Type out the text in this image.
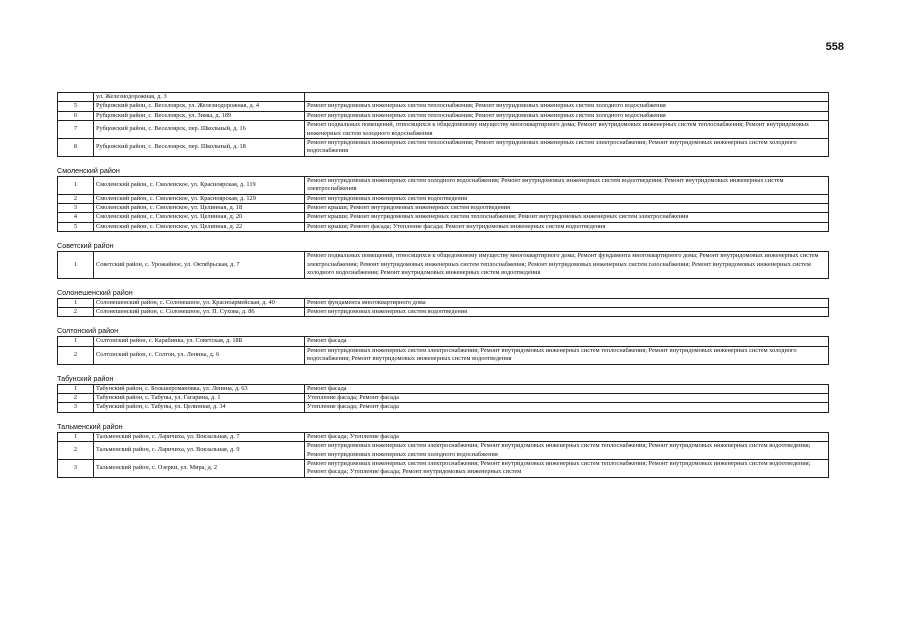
558
	ул. Железнодорожная, д. 3	
5	Рубцовский район, с. Веселоярск, ул. Железнодорожная, д. 4	Ремонт внутридомовых инженерных систем теплоснабжения; Ремонт внутридомовых инженерных систем холодного водоснабжения
6	Рубцовский район, с. Веселоярск, ул. Зимы, д. 189	Ремонт внутридомовых инженерных систем теплоснабжения; Ремонт внутридомовых инженерных систем холодного водоснабжения
7	Рубцовский район, с. Веселоярск, пер. Школьный, д. 16	Ремонт подвальных помещений, относящихся к общедомовому имуществу многоквартирного дома; Ремонт внутридомовых инженерных систем теплоснабжения; Ремонт внутридомовых инженерных систем холодного водоснабжения
8	Рубцовский район, с. Веселоярск, пер. Школьный, д. 18	Ремонт внутридомовых инженерных систем теплоснабжения; Ремонт внутридомовых инженерных систем электроснабжения; Ремонт внутридомовых инженерных систем холодного водоснабжения
Смоленский район
1	Смоленский район, с. Смоленское, ул. Красноярская, д. 119	Ремонт внутридомовых инженерных систем холодного водоснабжения; Ремонт внутридомовых инженерных систем водоотведения; Ремонт внутридомовых инженерных систем электроснабжения
2	Смоленский район, с. Смоленское, ул. Красноярская, д. 129	Ремонт внутридомовых инженерных систем водоотведения
3	Смоленский район, с. Смоленское, ул. Целинная, д. 18	Ремонт крыши; Ремонт внутридомовых инженерных систем водоотведения
4	Смоленский район, с. Смоленское, ул. Целинная, д. 20	Ремонт крыши; Ремонт внутридомовых инженерных систем теплоснабжения; Ремонт внутридомовых инженерных систем электроснабжения
5	Смоленский район, с. Смоленское, ул. Целинная, д. 22	Ремонт крыши; Ремонт фасада; Утепление фасада; Ремонт внутридомовых инженерных систем водоотведения
Советский район
1	Советский район, с. Урожайное, ул. Октябрьская, д. 7	Ремонт подвальных помещений, относящихся к общедомовому имуществу многоквартирного дома; Ремонт фундамента многоквартирного дома; Ремонт внутридомовых инженерных систем электроснабжения; Ремонт внутридомовых инженерных систем теплоснабжения; Ремонт внутридомовых инженерных систем газоснабжения; Ремонт внутридомовых инженерных систем холодного водоснабжения; Ремонт внутридомовых инженерных систем водоотведения
Солонешенский район
1	Солонешенский район, с. Солонешное, ул. Красноармейская, д. 40	Ремонт фундамента многоквартирного дома
2	Солонешенский район, с. Солонешное, ул. П. Сухова, д. 86	Ремонт внутридомовых инженерных систем водоотведения
Солтонский район
1	Солтонский район, с. Карабинка, ул. Советская, д. 18Б	Ремонт фасада
2	Солтонский район, с. Солтон, ул. Ленина, д. 6	Ремонт внутридомовых инженерных систем электроснабжения; Ремонт внутридомовых инженерных систем теплоснабжения; Ремонт внутридомовых инженерных систем холодного водоснабжения; Ремонт внутридомовых инженерных систем водоотведения
Табунский район
1	Табунский район, с. Большеромановка, ул. Ленина, д. 63	Ремонт фасада
2	Табунский район, с. Табуны, ул. Гагарина, д. 1	Утепление фасада; Ремонт фасада
3	Табунский район, с. Табуны, ул. Целинная, д. 34	Утепление фасада; Ремонт фасада
Тальменский район
1	Тальменский район, с. Ларичиха, ул. Вокзальная, д. 7	Ремонт фасада; Утепление фасада
2	Тальменский район, с. Ларичиха, ул. Вокзальная, д. 9	Ремонт внутридомовых инженерных систем электроснабжения; Ремонт внутридомовых инженерных систем теплоснабжения; Ремонт внутридомовых инженерных систем водоотведения; Ремонт внутридомовых инженерных систем холодного водоснабжения
3	Тальменский район, с. Озерки, ул. Мира, д. 2	Ремонт внутридомовых инженерных систем электроснабжения; Ремонт внутридомовых инженерных систем теплоснабжения; Ремонт внутридомовых инженерных систем водоотведения; Ремонт фасада; Утепление фасада; Ремонт внутридомовых инженерных систем
